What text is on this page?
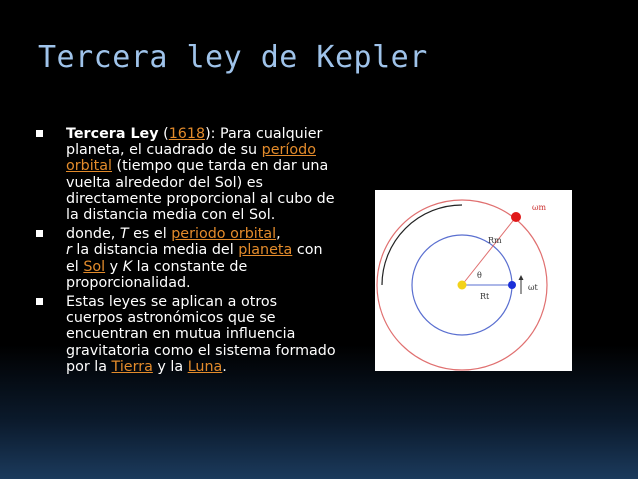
Tercera ley de Kepler
Tercera Ley (1618): Para cualquier planeta, el cuadrado de su período orbital (tiempo que tarda en dar una vuelta alrededor del Sol) es directamente proporcional al cubo de la distancia media con el Sol.
donde, T es el periodo orbital,
r la distancia media del planeta con el Sol y K la constante de proporcionalidad.
Estas leyes se aplican a otros cuerpos astronómicos que se encuentran en mutua influencia gravitatoria como el sistema formado por la Tierra y la Luna.
ωm
Rm
θ
Rt
ωt
